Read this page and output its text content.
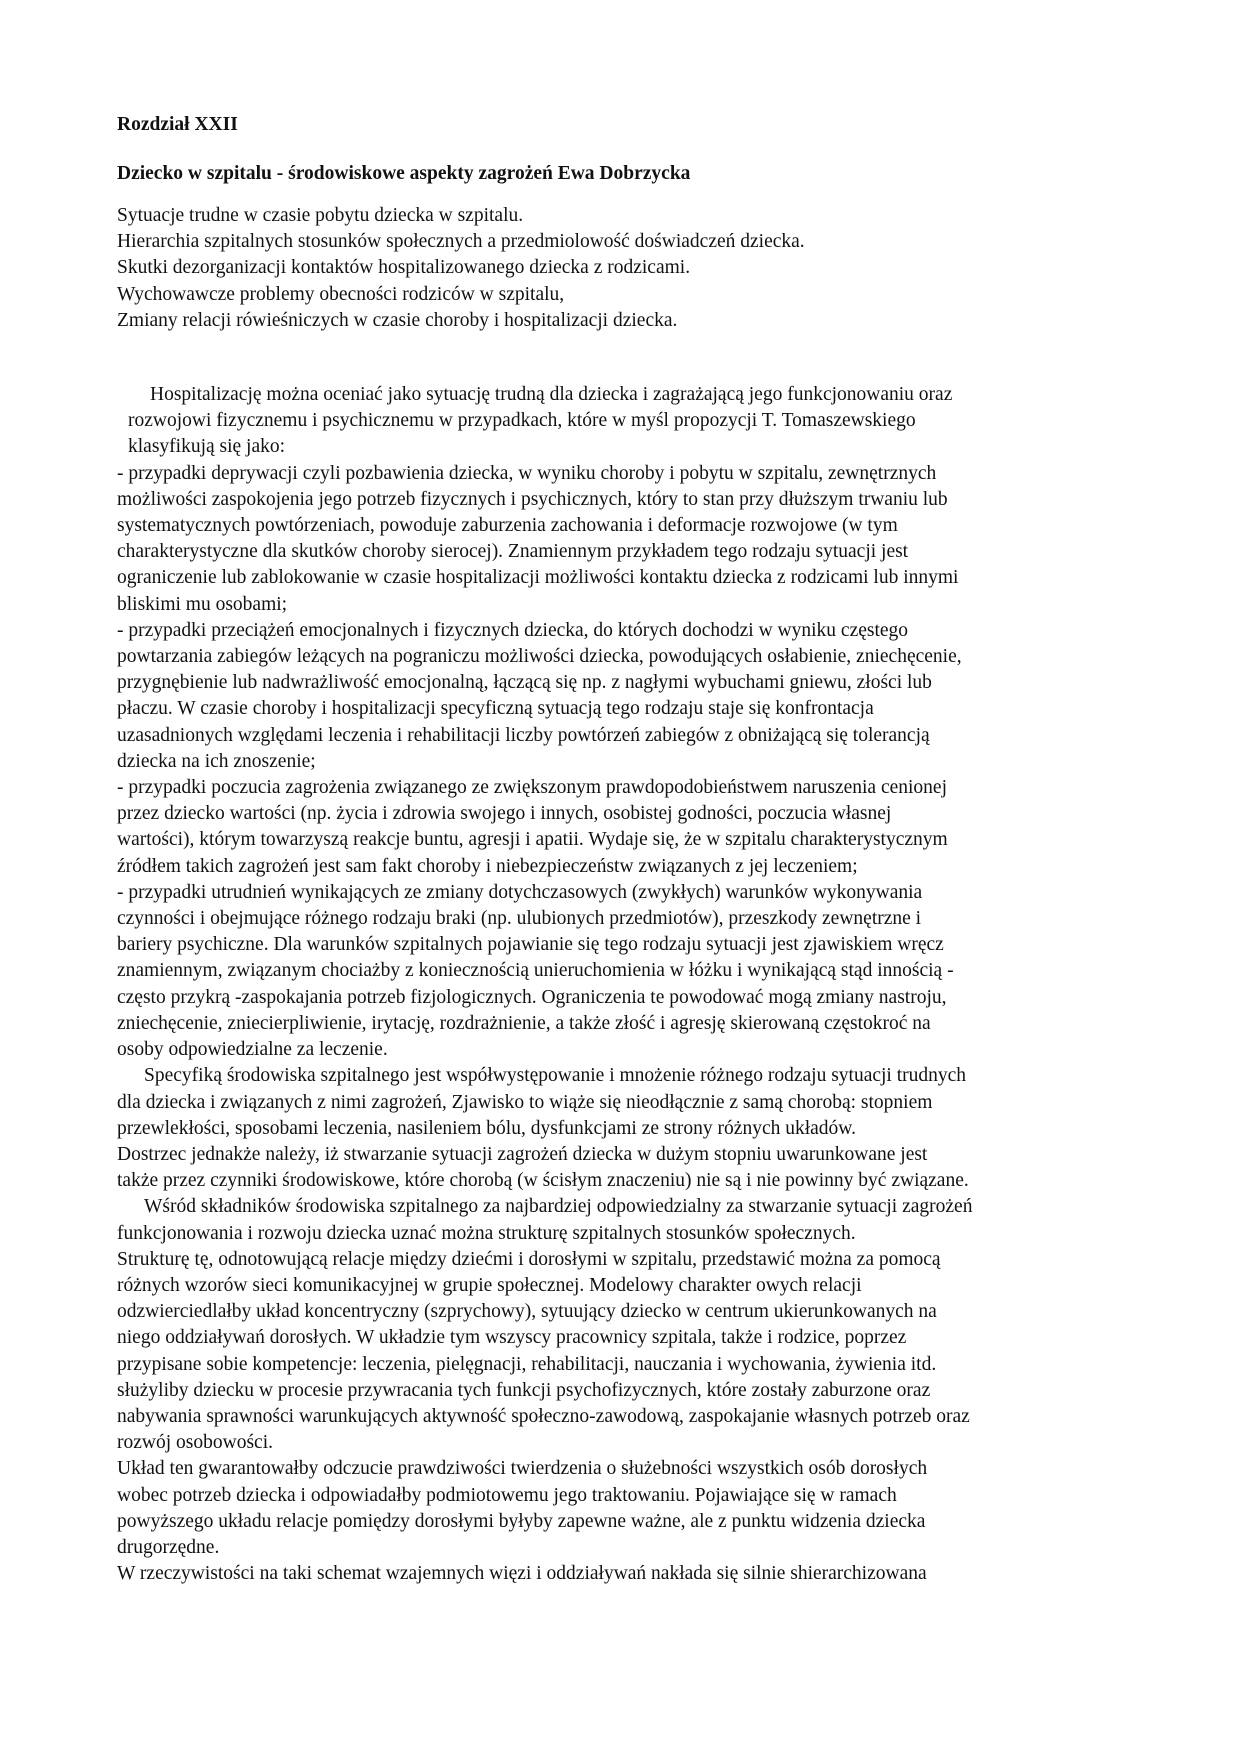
Rozdział XXII
Dziecko w szpitalu - środowiskowe aspekty zagrożeń Ewa Dobrzycka
Sytuacje trudne w czasie pobytu dziecka w szpitalu.
Hierarchia szpitalnych stosunków społecznych a przedmiolowość doświadczeń dziecka.
Skutki dezorganizacji kontaktów hospitalizowanego dziecka z rodzicami.
Wychowawcze problemy obecności rodziców w szpitalu,
Zmiany relacji rówieśniczych w czasie choroby i hospitalizacji dziecka.
Hospitalizację można oceniać jako sytuację trudną dla dziecka i zagrażającą jego funkcjonowaniu oraz
rozwojowi fizycznemu i psychicznemu w przypadkach, które w myśl propozycji T. Tomaszewskiego
klasyfikują się jako:
- przypadki deprywacji czyli pozbawienia dziecka, w wyniku choroby i pobytu w szpitalu, zewnętrznych
możliwości zaspokojenia jego potrzeb fizycznych i psychicznych, który to stan przy dłuższym trwaniu lub
systematycznych powtórzeniach, powoduje zaburzenia zachowania i deformacje rozwojowe (w tym
charakterystyczne dla skutków choroby sierocej). Znamiennym przykładem tego rodzaju sytuacji jest
ograniczenie lub zablokowanie w czasie hospitalizacji możliwości kontaktu dziecka z rodzicami lub innymi
bliskimi mu osobami;
- przypadki przeciążeń emocjonalnych i fizycznych dziecka, do których dochodzi w wyniku częstego
powtarzania zabiegów leżących na pograniczu możliwości dziecka, powodujących osłabienie, zniechęcenie,
przygnębienie lub nadwrażliwość emocjonalną, łączącą się np. z nagłymi wybuchami gniewu, złości lub
płaczu. W czasie choroby i hospitalizacji specyficzną sytuacją tego rodzaju staje się konfrontacja
uzasadnionych względami leczenia i rehabilitacji liczby powtórzeń zabiegów z obniżającą się tolerancją
dziecka na ich znoszenie;
- przypadki poczucia zagrożenia związanego ze zwiększonym prawdopodobieństwem naruszenia cenionej
przez dziecko wartości (np. życia i zdrowia swojego i innych, osobistej godności, poczucia własnej
wartości), którym towarzyszą reakcje buntu, agresji i apatii. Wydaje się, że w szpitalu charakterystycznym
źródłem takich zagrożeń jest sam fakt choroby i niebezpieczeństw związanych z jej leczeniem;
- przypadki utrudnień wynikających ze zmiany dotychczasowych (zwykłych) warunków wykonywania
czynności i obejmujące różnego rodzaju braki (np. ulubionych przedmiotów), przeszkody zewnętrzne i
bariery psychiczne. Dla warunków szpitalnych pojawianie się tego rodzaju sytuacji jest zjawiskiem wręcz
znamiennym, związanym chociażby z koniecznością unieruchomienia w łóżku i wynikającą stąd innością -
często przykrą -zaspokajania potrzeb fizjologicznych. Ograniczenia te powodować mogą zmiany nastroju,
zniechęcenie, zniecierpliwienie, irytację, rozdrażnienie, a także złość i agresję skierowaną częstokroć na
osoby odpowiedzialne za leczenie.
Specyfiką środowiska szpitalnego jest współwystępowanie i mnożenie różnego rodzaju sytuacji trudnych
dla dziecka i związanych z nimi zagrożeń, Zjawisko to wiąże się nieodłącznie z samą chorobą: stopniem
przewlekłości, sposobami leczenia, nasileniem bólu, dysfunkcjami ze strony różnych układów.
Dostrzec jednakże należy, iż stwarzanie sytuacji zagrożeń dziecka w dużym stopniu uwarunkowane jest
także przez czynniki środowiskowe, które chorobą (w ścisłym znaczeniu) nie są i nie powinny być związane.
Wśród składników środowiska szpitalnego za najbardziej odpowiedzialny za stwarzanie sytuacji zagrożeń
funkcjonowania i rozwoju dziecka uznać można strukturę szpitalnych stosunków społecznych.
Strukturę tę, odnotowującą relacje między dziećmi i dorosłymi w szpitalu, przedstawić można za pomocą
różnych wzorów sieci komunikacyjnej w grupie społecznej. Modelowy charakter owych relacji
odzwierciedlałby układ koncentryczny (szprychowy), sytuujący dziecko w centrum ukierunkowanych na
niego oddziaływań dorosłych. W układzie tym wszyscy pracownicy szpitala, także i rodzice, poprzez
przypisane sobie kompetencje: leczenia, pielęgnacji, rehabilitacji, nauczania i wychowania, żywienia itd.
służyliby dziecku w procesie przywracania tych funkcji psychofizycznych, które zostały zaburzone oraz
nabywania sprawności warunkujących aktywność społeczno-zawodową, zaspokajanie własnych potrzeb oraz
rozwój osobowości.
Układ ten gwarantowałby odczucie prawdziwości twierdzenia o służebności wszystkich osób dorosłych
wobec potrzeb dziecka i odpowiadałby podmiotowemu jego traktowaniu. Pojawiające się w ramach
powyższego układu relacje pomiędzy dorosłymi byłyby zapewne ważne, ale z punktu widzenia dziecka
drugorzędne.
W rzeczywistości na taki schemat wzajemnych więzi i oddziaływań nakłada się silnie shierarchizowana
